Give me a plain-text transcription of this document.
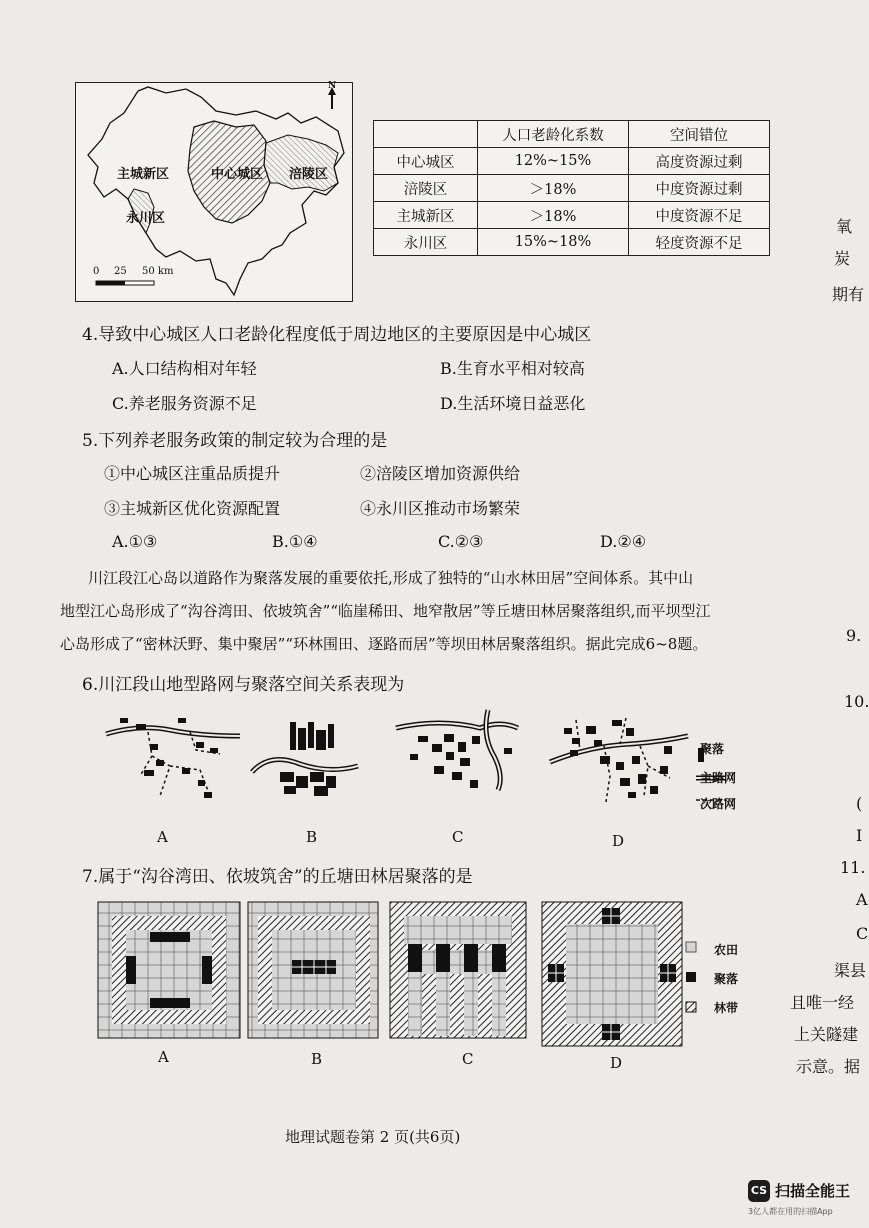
N
主城新区	中心城区 涪陵区
永川区
0 25 50 km
	人口老龄化系数	空间错位
中心城区	12%~15%	高度资源过剩
涪陵区	＞18%	中度资源过剩
主城新区	＞18%	中度资源不足
永川区	15%~18%	轻度资源不足
4.导致中心城区人口老龄化程度低于周边地区的主要原因是中心城区
A.人口结构相对年轻	B.生育水平相对较高
C.养老服务资源不足	D.生活环境日益恶化
5.下列养老服务政策的制定较为合理的是
①中心城区注重品质提升	②涪陵区增加资源供给
③主城新区优化资源配置	④永川区推动市场繁荣
A.①③	B.①④	C.②③	D.②④
川江段江心岛以道路作为聚落发展的重要依托,形成了独特的“山水林田居”空间体系。其中山
地型江心岛形成了“沟谷湾田、依坡筑舍”“临崖稀田、地窄散居”等丘塘田林居聚落组织,而平坝型江
心岛形成了“密林沃野、集中聚居”“环林围田、逐路而居”等坝田林居聚落组织。据此完成6~8题。
6.川江段山地型路网与聚落空间关系表现为
聚落
主路网
次路网
A	B	C	D
7.属于“沟谷湾田、依坡筑舍”的丘塘田林居聚落的是
农田
聚落
林带
A	B	C	D
地理试题卷第 2 页(共6页)
氧
炭
期有
9.
10.
(
I
11.
A
C
渠县
且唯一经
上关隧建
示意。据
CS 扫描全能王
3亿人都在用的扫描App
